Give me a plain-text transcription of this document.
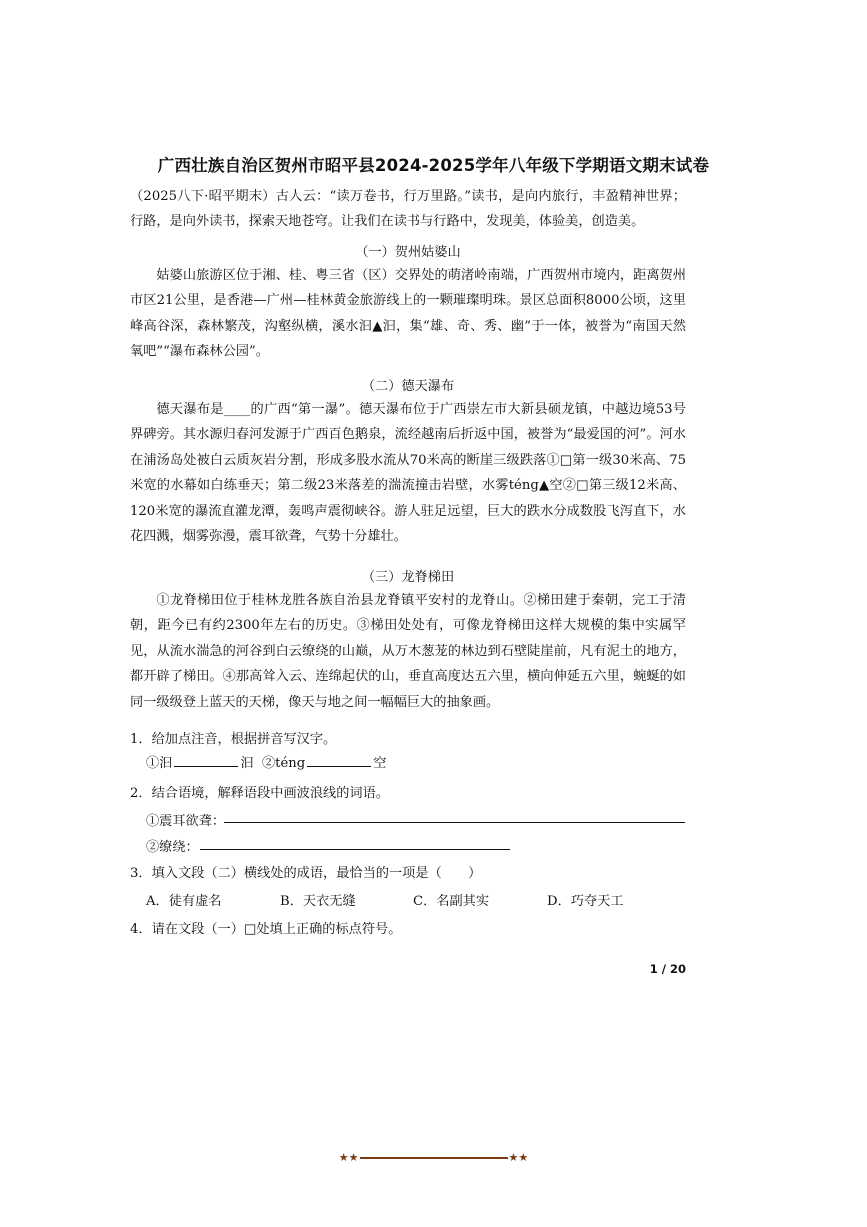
广西壮族自治区贺州市昭平县2024-2025学年八年级下学期语文期末试卷
（2025八下·昭平期末）古人云：“读万卷书，行万里路。”读书，是向内旅行，丰盈精神世界；行路，是向外读书，探索天地苍穹。让我们在读书与行路中，发现美，体验美，创造美。
（一）贺州姑婆山
姑婆山旅游区位于湘、桂、粤三省（区）交界处的萌渚岭南端，广西贺州市境内，距离贺州市区21公里，是香港—广州—桂林黄金旅游线上的一颗璀璨明珠。景区总面积8000公顷，这里峰高谷深，森林繁茂，沟壑纵横，溪水汩▲汩，集“雄、奇、秀、幽”于一体，被誉为“南国天然氧吧”“瀑布森林公园”。
（二）德天瀑布
德天瀑布是____的广西“第一瀑”。德天瀑布位于广西崇左市大新县硕龙镇，中越边境53号界碑旁。其水源归春河发源于广西百色鹅泉，流经越南后折返中国，被誉为“最爱国的河”。河水在浦汤岛处被白云质灰岩分割，形成多股水流从70米高的断崖三级跌落①□第一级30米高、75米宽的水幕如白练垂天；第二级23米落差的湍流撞击岩壁，水雾téng▲空②□第三级12米高、120米宽的瀑流直灌龙潭，轰鸣声震彻峡谷。游人驻足远望，巨大的跌水分成数股飞泻直下，水花四溅，烟雾弥漫，震耳欲聋，气势十分雄壮。
（三）龙脊梯田
①龙脊梯田位于桂林龙胜各族自治县龙脊镇平安村的龙脊山。②梯田建于秦朝，完工于清朝，距今已有约2300年左右的历史。③梯田处处有，可像龙脊梯田这样大规模的集中实属罕见，从流水湍急的河谷到白云缭绕的山巅，从万木葱茏的林边到石壁陡崖前，凡有泥土的地方，都开辟了梯田。④那高耸入云、连绵起伏的山，垂直高度达五六里，横向伸延五六里，蜿蜒的如同一级级登上蓝天的天梯，像天与地之间一幅幅巨大的抽象画。
1．给加点注音，根据拼音写汉字。
①汩	汩 ②téng	空
2．结合语境，解释语段中画波浪线的词语。
①震耳欲聋：
②缭绕：
3．填入文段（二）横线处的成语，最恰当的一项是（　　）
A．徒有虚名	B．天衣无缝	C．名副其实	D．巧夺天工
4．请在文段（一）□处填上正确的标点符号。
1 / 20
★★	★★
